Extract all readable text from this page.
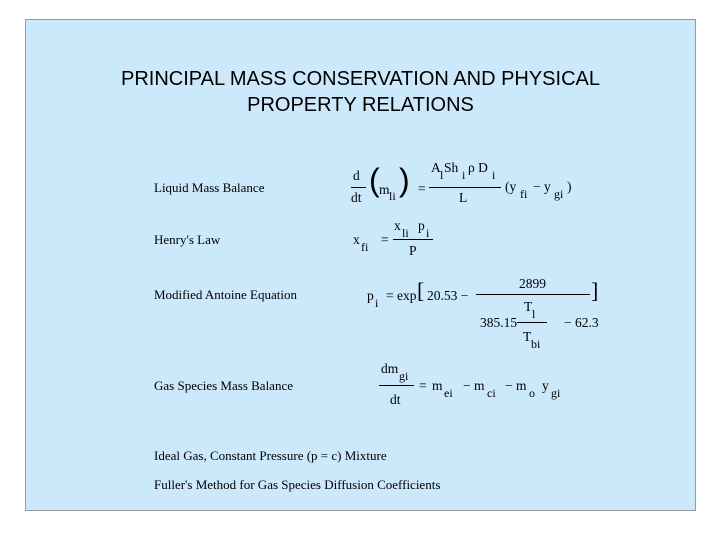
PRINCIPAL MASS CONSERVATION AND PHYSICAL
PROPERTY RELATIONS
Liquid Mass Balance
d
dt ( m li ) =
A l Sh i ρ D i
L
(y fi − y gi )
Henry's Law	x fi =
x li p i
P
Modified Antoine Equation	p i = exp [ 20.53 −
2899
T l
385.15	− 62.3
T bi
]
Gas Species Mass Balance
dm gi
dt
= m ei − m ci − m o y gi
Ideal Gas, Constant Pressure (p = c) Mixture
Fuller's Method for Gas Species Diffusion Coefficients
